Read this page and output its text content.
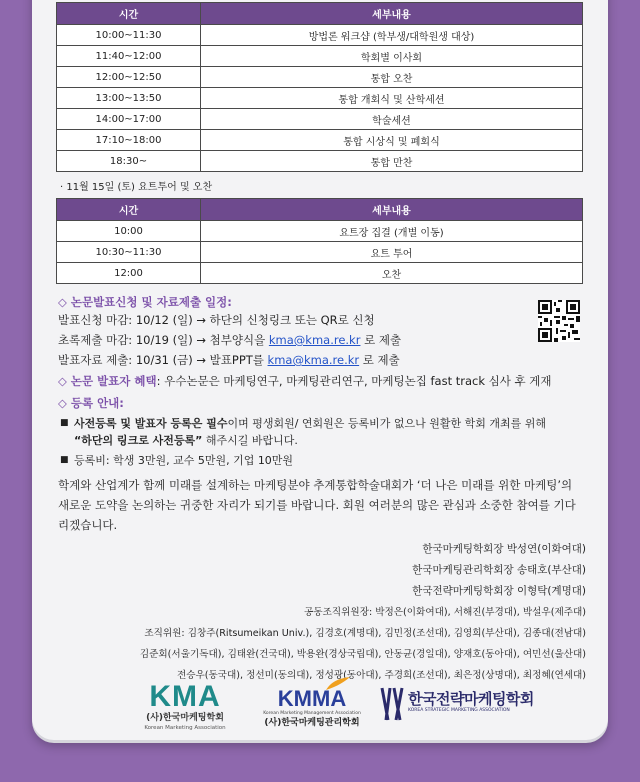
시간	세부내용
10:00~11:30	방법론 워크샵 (학부생/대학원생 대상)
11:40~12:00	학회별 이사회
12:00~12:50	통합 오찬
13:00~13:50	통합 개회식 및 산학세션
14:00~17:00	학술세션
17:10~18:00	통합 시상식 및 폐회식
18:30~	통합 만찬
· 11월 15일 (토) 요트투어 및 오찬
시간	세부내용
10:00	요트장 집결 (개별 이동)
10:30~11:30	요트 투어
12:00	오찬
◇ 논문발표신청 및 자료제출 일정:
발표신청 마감: 10/12 (일) → 하단의 신청링크 또는 QR로 신청
초록제출 마감: 10/19 (일) → 첨부양식을 kma@kma.re.kr 로 제출
발표자료 제출: 10/31 (금) → 발표PPT를 kma@kma.re.kr 로 제출
◇ 논문 발표자 혜택: 우수논문은 마케팅연구, 마케팅관리연구, 마케팅논집 fast track 심사 후 게재
◇ 등록 안내:
■ 사전등록 및 발표자 등록은 필수이며 평생회원/ 연회원은 등록비가 없으나 원활한 학회 개최를 위해 “하단의 링크로 사전등록” 해주시길 바랍니다.
■ 등록비: 학생 3만원, 교수 5만원, 기업 10만원
학계와 산업계가 함께 미래를 설계하는 마케팅분야 추계통합학술대회가 ‘더 나은 미래를 위한 마케팅’의 새로운 도약을 논의하는 귀중한 자리가 되기를 바랍니다. 회원 여러분의 많은 관심과 소중한 참여를 기다리겠습니다.
한국마케팅학회장 박성연(이화여대)
한국마케팅관리학회장 송태호(부산대)
한국전략마케팅학회장 이형탁(계명대)
공동조직위원장: 박정은(이화여대), 서해진(부경대), 박설우(제주대)
조직위원: 김창주(Ritsumeikan Univ.), 김경호(계명대), 김민정(조선대), 김영희(부산대), 김종대(전남대)
김준회(서울기독대), 김태완(건국대), 박용완(경상국립대), 안동균(경일대), 양재호(동아대), 여민선(울산대)
전승우(동국대), 정선미(동의대), 정성광(동아대), 주경희(조선대), 최은정(상명대), 최정혜(연세대)
KMA
(사)한국마케팅학회
Korean Marketing Association
KMMA
Korean Marketing Management Association
(사)한국마케팅관리학회
한국전략마케팅학회
KOREA STRATEGIC MARKETING ASSOCIATION
